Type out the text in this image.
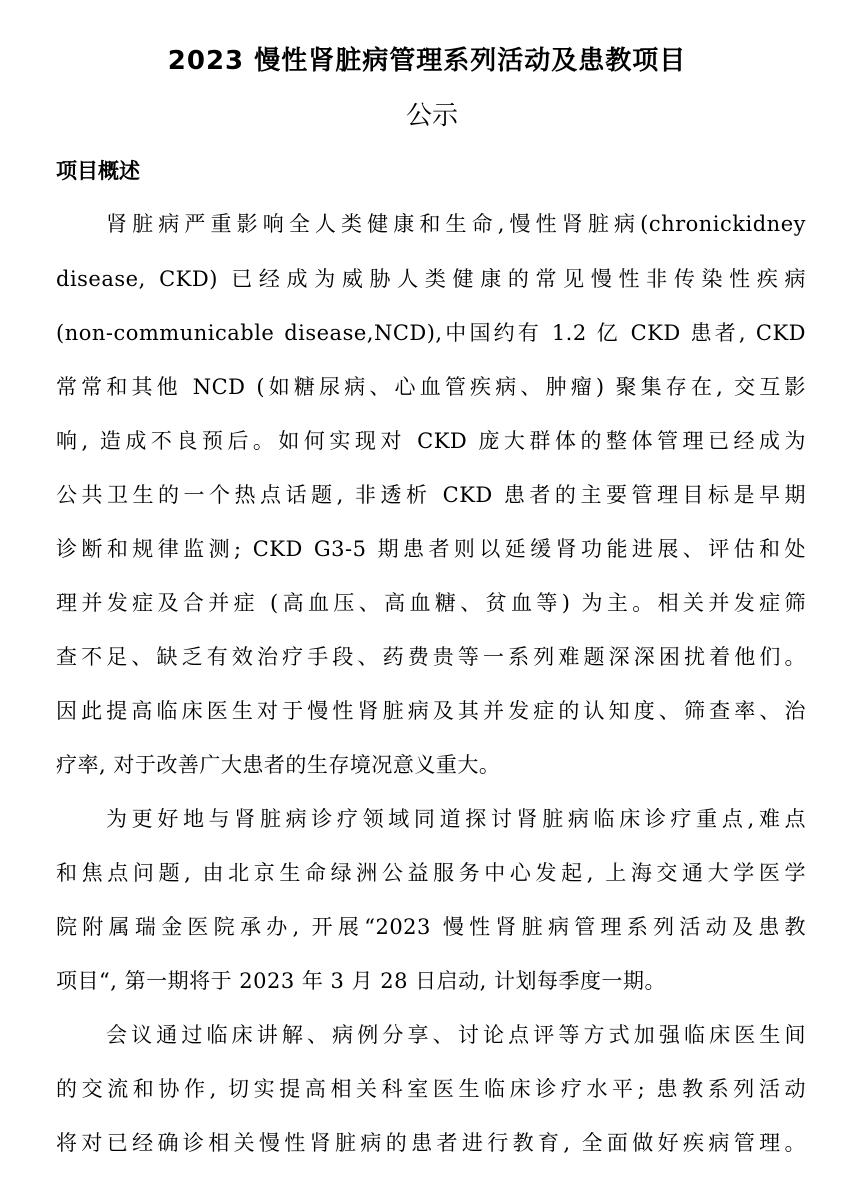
2023 慢性肾脏病管理系列活动及患教项目
公示
项目概述
肾脏病严重影响全人类健康和生命,慢性肾脏病(chronickidney
disease, CKD) 已经成为威胁人类健康的常见慢性非传染性疾病
(non-communicable disease,NCD),中国约有 1.2 亿 CKD 患者, CKD
常常和其他 NCD (如糖尿病、心血管疾病、肿瘤) 聚集存在, 交互影
响, 造成不良预后。如何实现对 CKD 庞大群体的整体管理已经成为
公共卫生的一个热点话题, 非透析 CKD 患者的主要管理目标是早期
诊断和规律监测; CKD G3-5 期患者则以延缓肾功能进展、评估和处
理并发症及合并症 (高血压、高血糖、贫血等) 为主。相关并发症筛
查不足、缺乏有效治疗手段、药费贵等一系列难题深深困扰着他们。
因此提高临床医生对于慢性肾脏病及其并发症的认知度、筛查率、治
疗率, 对于改善广大患者的生存境况意义重大。
为更好地与肾脏病诊疗领域同道探讨肾脏病临床诊疗重点,难点
和焦点问题, 由北京生命绿洲公益服务中心发起, 上海交通大学医学
院附属瑞金医院承办, 开展“2023 慢性肾脏病管理系列活动及患教
项目“, 第一期将于 2023 年 3 月 28 日启动, 计划每季度一期。
会议通过临床讲解、病例分享、讨论点评等方式加强临床医生间
的交流和协作, 切实提高相关科室医生临床诊疗水平; 患教系列活动
将对已经确诊相关慢性肾脏病的患者进行教育, 全面做好疾病管理。
